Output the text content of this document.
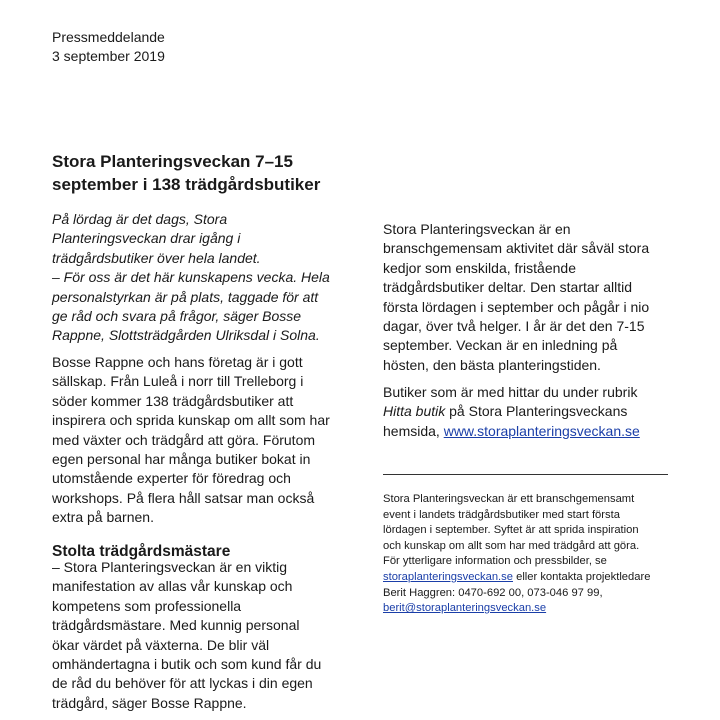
Pressmeddelande
3 september 2019
Stora Planteringsveckan 7–15
september i 138 trädgårdsbutiker
På lördag är det dags, Stora
Planteringsveckan drar igång i
trädgårdsbutiker över hela landet.
– För oss är det här kunskapens vecka. Hela
personalstyrkan är på plats, taggade för att
ge råd och svara på frågor, säger Bosse
Rappne, Slottsträdgården Ulriksdal i Solna.
Bosse Rappne och hans företag är i gott
sällskap. Från Luleå i norr till Trelleborg i
söder kommer 138 trädgårdsbutiker att
inspirera och sprida kunskap om allt som har
med växter och trädgård att göra. Förutom
egen personal har många butiker bokat in
utomstående experter för föredrag och
workshops. På flera håll satsar man också
extra på barnen.
Stolta trädgårdsmästare
– Stora Planteringsveckan är en viktig
manifestation av allas vår kunskap och
kompetens som professionella
trädgårdsmästare. Med kunnig personal
ökar värdet på växterna. De blir väl
omhändertagna i butik och som kund får du
de råd du behöver för att lyckas i din egen
trädgård, säger Bosse Rappne.
Stora Planteringsveckan är en
branschgemensam aktivitet där såväl stora
kedjor som enskilda, fristående
trädgårdsbutiker deltar. Den startar alltid
första lördagen i september och pågår i nio
dagar, över två helger. I år är det den 7-15
september. Veckan är en inledning på
hösten, den bästa planteringstiden.
Butiker som är med hittar du under rubrik
Hitta butik på Stora Planteringsveckans
hemsida, www.storaplanteringsveckan.se
Stora Planteringsveckan är ett branschgemensamt
event i landets trädgårdsbutiker med start första
lördagen i september. Syftet är att sprida inspiration
och kunskap om allt som har med trädgård att göra.
För ytterligare information och pressbilder, se
storaplanteringsveckan.se eller kontakta projektledare
Berit Haggren: 0470-692 00, 073-046 97 99,
berit@storaplanteringsveckan.se
